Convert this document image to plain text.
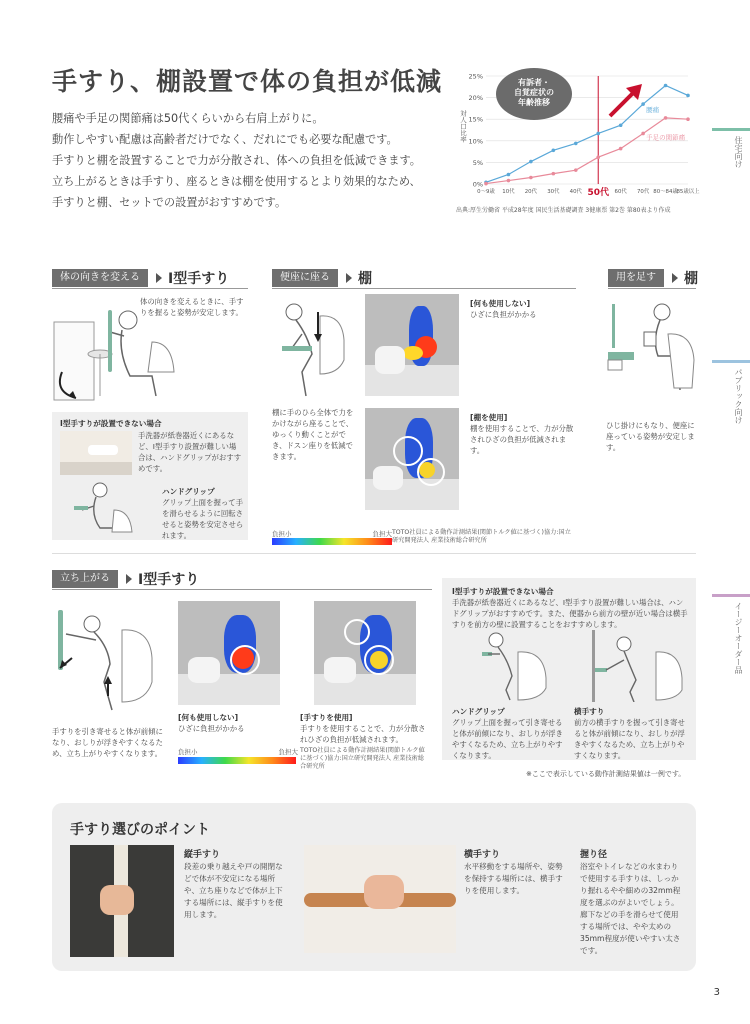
手すり、棚設置で体の負担が低減
腰痛や手足の関節痛は50代くらいから右肩上がりに。
動作しやすい配慮は高齢者だけでなく、だれにでも必要な配慮です。
手すりと棚を設置することで力が分散され、体への負担を低減できます。
立ち上がるときは手すり、座るときは棚を使用するとより効果的なため、
手すりと棚、セットでの設置がおすすめです。
0%
5%
10%
15%
20%
25%
0〜9歳 10代 20代 30代 40代 50代 60代 70代 80〜84歳
85歳以上
腰痛
手足の関節痛
有訴者・自覚症状の年齢推移
対人口比率
出典:厚生労働省 平成28年度 国民生活基礎調査 3健康票 第2巻 第80表より作成
住宅向け
パブリック向け
イージーオーダー品
体の向きを変える	I型手すり
体の向きを変えるときに、手すりを握ると姿勢が安定します。
I型手すりが設置できない場合
手洗器が紙巻器近くにあるなど、I型手すり設置が難しい場合は、ハンドグリップがおすすめです。
ハンドグリップ
グリップ上面を握って手を滑らせるように回転させると姿勢を安定させられます。
便座に座る	棚
[何も使用しない]
ひざに負担がかかる
棚に手のひら全体で力をかけながら座ることで、ゆっくり動くことができ、ドスン座りを低減できます。
[棚を使用]
棚を使用することで、力が分散されひざの負担が低減されます。
負担小	負担大 TOTO社員による動作計測結果(関節トルク値に基づく)協力:国立研究開発法人 産業技術総合研究所
用を足す	棚
ひじ掛けにもなり、便座に座っている姿勢が安定します。
立ち上がる	I型手すり
手すりを引き寄せると体が前傾になり、おしりが浮きやすくなるため、立ち上がりやすくなります。
[何も使用しない]
ひざに負担がかかる
[手すりを使用]
手すりを使用することで、力が分散されひざの負担が低減されます。
負担小	負担大 TOTO社員による動作計測結果(関節トルク値に基づく)協力:国立研究開発法人 産業技術総合研究所
I型手すりが設置できない場合
手洗器が紙巻器近くにあるなど、I型手すり設置が難しい場合は、ハンドグリップがおすすめです。また、便器から前方の壁が近い場合は横手すりを前方の壁に設置することをおすすめします。
ハンドグリップ
グリップ上面を握って引き寄せると体が前傾になり、おしりが浮きやすくなるため、立ち上がりやすくなります。
横手すり
前方の横手すりを握って引き寄せると体が前傾になり、おしりが浮きやすくなるため、立ち上がりやすくなります。
※ここで表示している動作計測結果値は一例です。
手すり選びのポイント
縦手すり
段差の乗り越えや戸の開閉などで体が不安定になる場所や、立ち座りなどで体が上下する場所には、縦手すりを使用します。
横手すり
水平移動をする場所や、姿勢を保持する場所には、横手すりを使用します。
握り径
浴室やトイレなどの水まわりで使用する手すりは、しっかり握れるやや細めの32mm程度を選ぶのがよいでしょう。廊下などの手を滑らせて使用する場所では、やや太めの35mm程度が使いやすい太さです。
3
